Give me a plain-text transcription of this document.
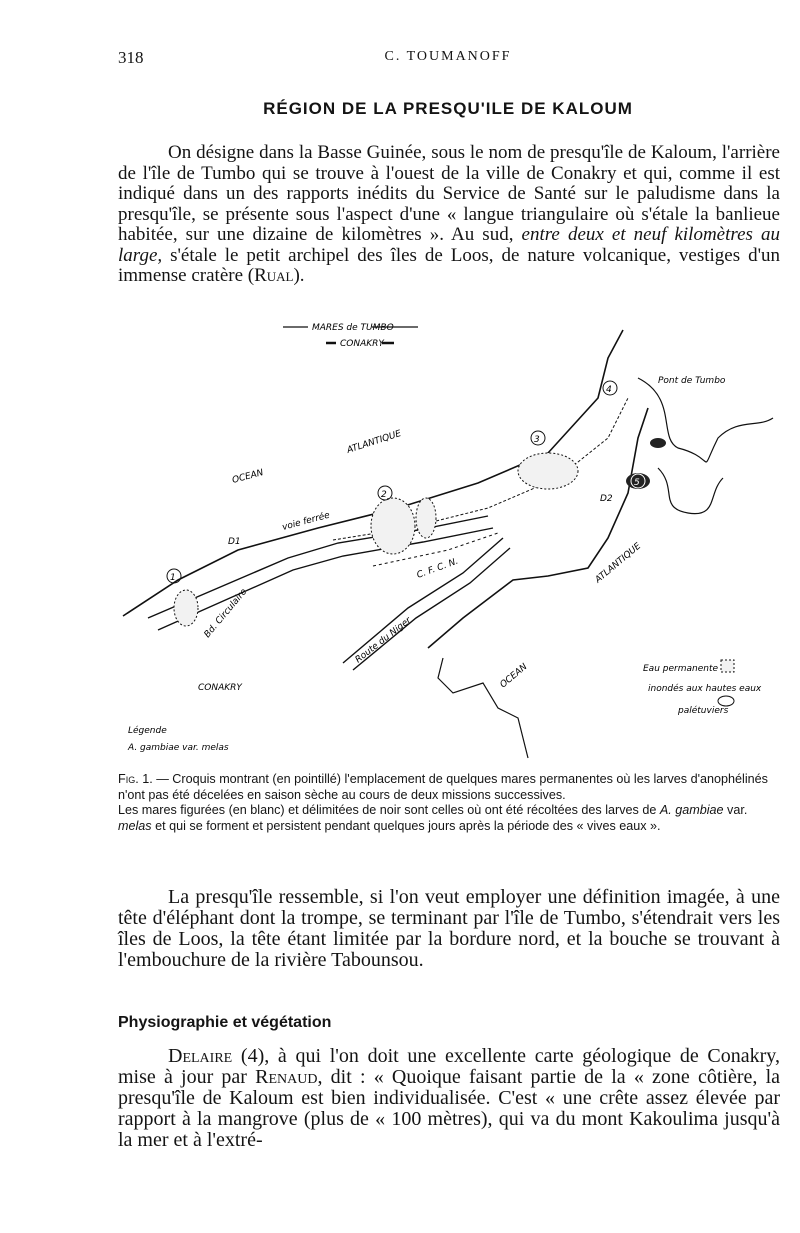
318	C. TOUMANOFF
RÉGION DE LA PRESQU'ILE DE KALOUM
On désigne dans la Basse Guinée, sous le nom de presqu'île de Kaloum, l'arrière de l'île de Tumbo qui se trouve à l'ouest de la ville de Conakry et qui, comme il est indiqué dans un des rapports inédits du Service de Santé sur le paludisme dans la presqu'île, se présente sous l'aspect d'une « langue triangulaire où s'étale la banlieue habitée, sur une dizaine de kilomètres ». Au sud, entre deux et neuf kilomètres au large, s'étale le petit archipel des îles de Loos, de nature volcanique, vestiges d'un immense cratère (Rual).
MARES de TUMBO
CONAKRY
1
2
3
4
5
OCEAN
ATLANTIQUE
ATLANTIQUE
OCEAN
CONAKRY
voie ferrée
Bd. Circulaire
Route du Niger
C. F. C. N.
Pont de Tumbo
D1
D2
Eau permanente
inondés aux hautes eaux
palétuviers
Légende
A. gambiae var. melas

Fig. 1. — Croquis montrant (en pointillé) l'emplacement de quelques mares permanentes où les larves d'anophélinés n'ont pas été décelées en saison sèche au cours de deux missions successives.

Les mares figurées (en blanc) et délimitées de noir sont celles où ont été récoltées des larves de A. gambiae var. melas et qui se forment et persistent pendant quelques jours après la période des « vives eaux ».

La presqu'île ressemble, si l'on veut employer une définition imagée, à une tête d'éléphant dont la trompe, se terminant par l'île de Tumbo, s'étendrait vers les îles de Loos, la tête étant limitée par la bordure nord, et la bouche se trouvant à l'embouchure de la rivière Tabounsou.
Physiographie et végétation
Delaire (4), à qui l'on doit une excellente carte géologique de Conakry, mise à jour par Renaud, dit : « Quoique faisant partie de la « zone côtière, la presqu'île de Kaloum est bien individualisée. C'est « une crête assez élevée par rapport à la mangrove (plus de « 100 mètres), qui va du mont Kakoulima jusqu'à la mer et à l'extré-
